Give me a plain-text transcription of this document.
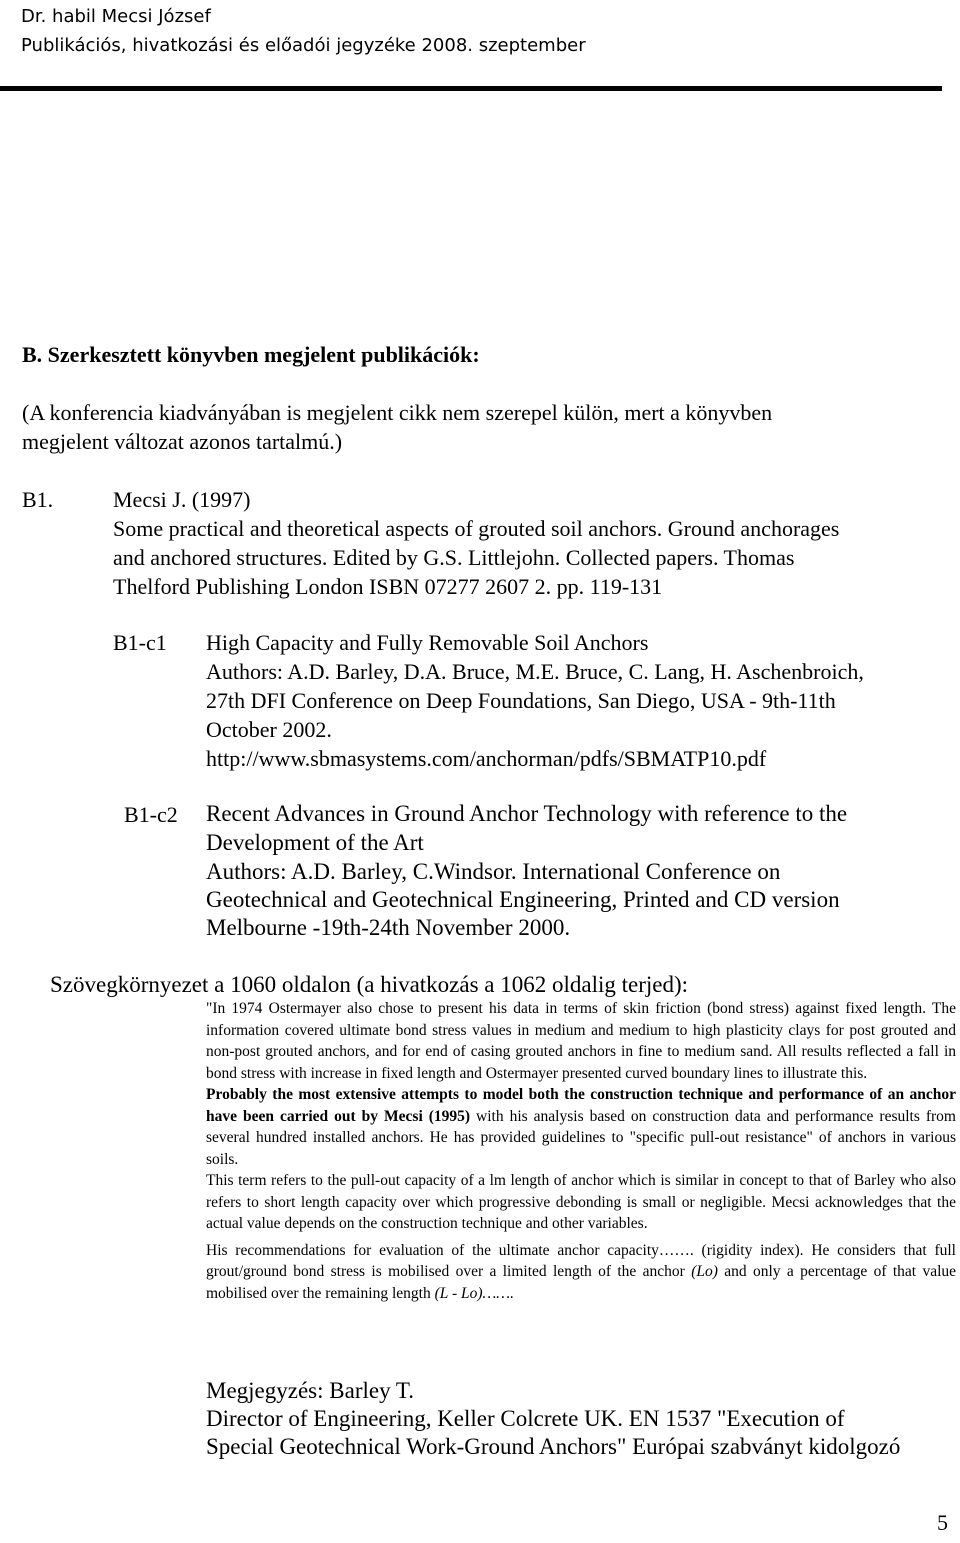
Dr. habil Mecsi József
Publikációs, hivatkozási és előadói jegyzéke 2008. szeptember
B. Szerkesztett könyvben megjelent publikációk:
(A konferencia kiadványában is megjelent cikk nem szerepel külön, mert a könyvben
megjelent változat azonos tartalmú.)
B1.	Mecsi J. (1997)
Some practical and theoretical aspects of grouted soil anchors. Ground anchorages
and anchored structures. Edited by G.S. Littlejohn. Collected papers. Thomas
Thelford Publishing London ISBN 07277 2607 2. pp. 119-131
B1-c1 High Capacity and Fully Removable Soil Anchors
Authors: A.D. Barley, D.A. Bruce, M.E. Bruce, C. Lang, H. Aschenbroich,
27th DFI Conference on Deep Foundations, San Diego, USA - 9th-11th
October 2002.
http://www.sbmasystems.com/anchorman/pdfs/SBMATP10.pdf
B1-c2 Recent Advances in Ground Anchor Technology with reference to the
Development of the Art
Authors: A.D. Barley, C.Windsor. International Conference on
Geotechnical and Geotechnical Engineering, Printed and CD version
Melbourne -19th-24th November 2000.
Szövegkörnyezet a 1060 oldalon (a hivatkozás a 1062 oldalig terjed):

"In 1974 Ostermayer also chose to present his data in terms of skin friction (bond stress) against fixed length. The information covered ultimate bond stress values in medium and medium to high plasticity clays for post grouted and non-post grouted anchors, and for end of casing grouted anchors in fine to medium sand. All results reflected a fall in bond stress with increase in fixed length and Ostermayer presented curved boundary lines to illustrate this.

Probably the most extensive attempts to model both the construction technique and performance of an anchor have been carried out by Mecsi (1995) with his analysis based on construction data and performance results from several hundred installed anchors. He has provided guidelines to "specific pull-out resistance" of anchors in various soils.

This term refers to the pull-out capacity of a lm length of anchor which is similar in concept to that of Barley who also refers to short length capacity over which progressive debonding is small or negligible. Mecsi acknowledges that the actual value depends on the construction technique and other variables.

His recommendations for evaluation of the ultimate anchor capacity……. (rigidity index). He considers that full grout/ground bond stress is mobilised over a limited length of the anchor (Lo) and only a percentage of that value mobilised over the remaining length (L - Lo)…….

Megjegyzés: Barley T.
Director of Engineering, Keller Colcrete UK. EN 1537 "Execution of
Special Geotechnical Work-Ground Anchors" Európai szabványt kidolgozó
5
